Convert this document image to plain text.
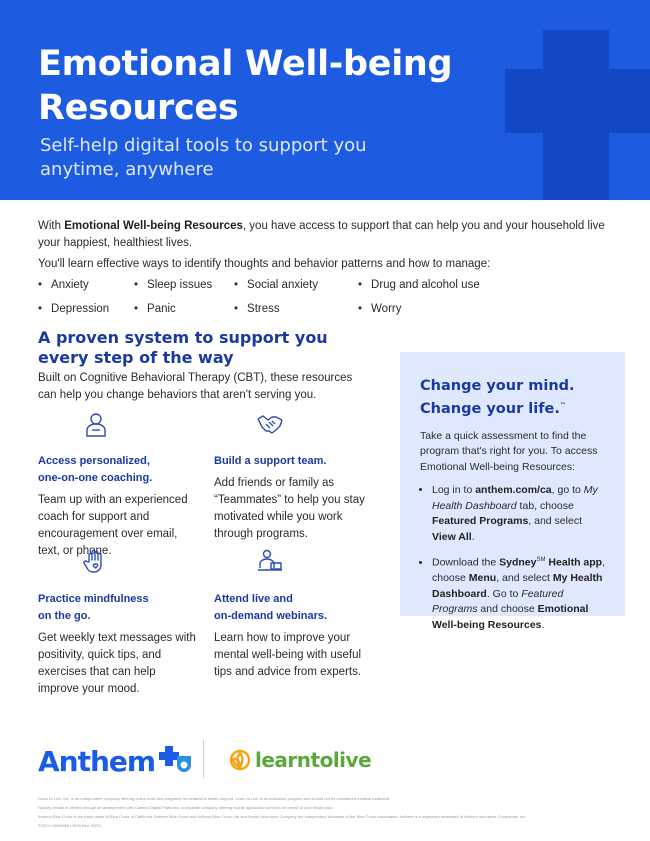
Emotional Well-being Resources
Self-help digital tools to support you anytime, anywhere

With Emotional Well-being Resources, you have access to support that can help you and your household live your happiest, healthiest lives.

You'll learn effective ways to identify thoughts and behavior patterns and how to manage:

• Anxiety	• Sleep issues	• Social anxiety	• Drug and alcohol use
• Depression	• Panic	• Stress	• Worry
A proven system to support you every step of the way

Built on Cognitive Behavioral Therapy (CBT), these resources can help you change behaviors that aren't serving you.

Access personalized,
one-on-one coaching.
Team up with an experienced coach for support and encouragement over email, text, or phone.
Build a support team.
Add friends or family as “Teammates” to help you stay motivated while you work through programs.
Practice mindfulness
on the go.
Get weekly text messages with positivity, quick tips, and exercises that can help improve your mood.
Attend live and
on-demand webinars.
Learn how to improve your mental well-being with useful tips and advice from experts.
Change your mind. Change your life.™

Take a quick assessment to find the program that's right for you. To access Emotional Well-being Resources:

• Log in to anthem.com/ca, go to My Health Dashboard tab, choose Featured Programs, and select View All.
• Download the Sydney℠ Health app, choose Menu, and select My Health Dashboard. Go to Featured Programs and choose Emotional Well-being Resources.
Anthem	learntolive
Learn to Live, Inc. is an independent company offering online tools and programs for behavioral health support. Learn to Live is an education program and should not be considered medical treatment.
Sydney Health is offered through an arrangement with Carelon Digital Platforms, a separate company offering mobile application services on behalf of your health plan.
Anthem Blue Cross is the trade name of Blue Cross of California. Anthem Blue Cross and Anthem Blue Cross Life and Health Insurance Company are independent licensees of the Blue Cross Association. Anthem is a registered trademark of Anthem Insurance Companies, Inc.
©2024 CAMS666 LRG8 Rev. 03/24
